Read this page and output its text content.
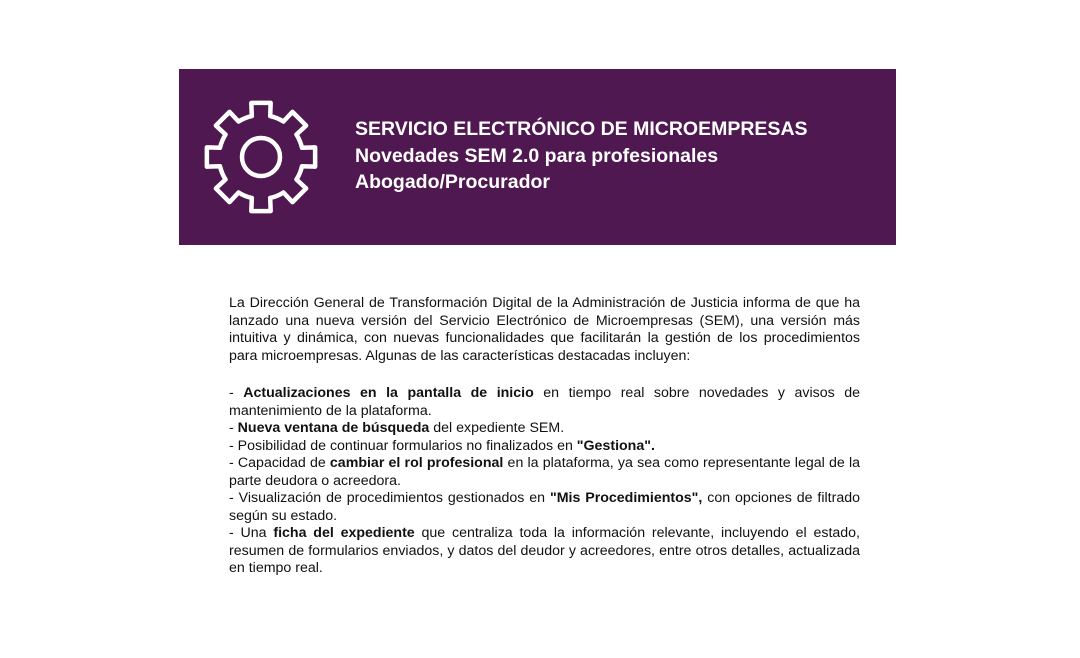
SERVICIO ELECTRÓNICO DE MICROEMPRESAS
Novedades SEM 2.0 para profesionales
Abogado/Procurador

La Dirección General de Transformación Digital de la Administración de Justicia informa de que ha lanzado una nueva versión del Servicio Electrónico de Microempresas (SEM), una versión más intuitiva y dinámica, con nuevas funcionalidades que facilitarán la gestión de los procedimientos para microempresas. Algunas de las características destacadas incluyen:

- Actualizaciones en la pantalla de inicio en tiempo real sobre novedades y avisos de mantenimiento de la plataforma.

- Nueva ventana de búsqueda del expediente SEM.

- Posibilidad de continuar formularios no finalizados en "Gestiona".

- Capacidad de cambiar el rol profesional en la plataforma, ya sea como representante legal de la parte deudora o acreedora.

- Visualización de procedimientos gestionados en "Mis Procedimientos", con opciones de filtrado según su estado.

- Una ficha del expediente que centraliza toda la información relevante, incluyendo el estado, resumen de formularios enviados, y datos del deudor y acreedores, entre otros detalles, actualizada en tiempo real.
